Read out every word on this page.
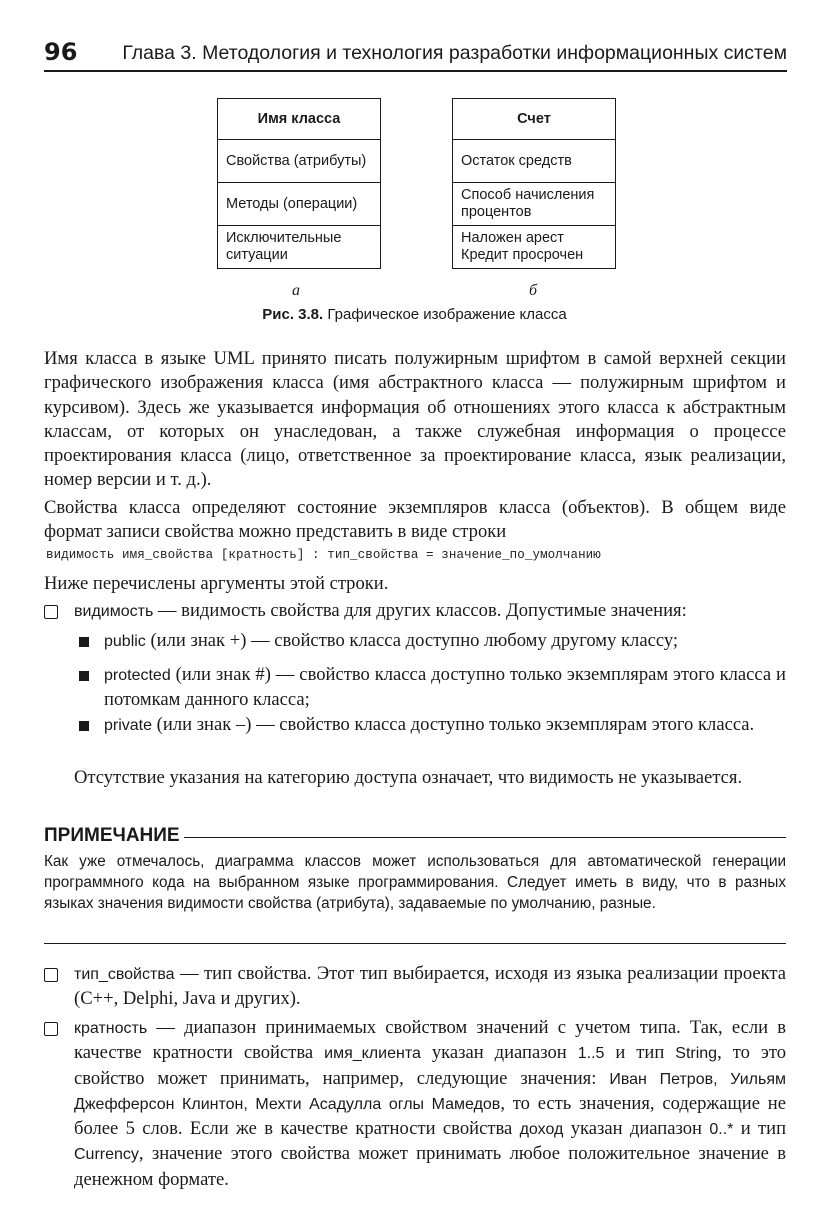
96 Глава 3. Методология и технология разработки информационных систем
Имя класса
Свойства (атрибуты)
Методы (операции)
Исключительные ситуации
Счет
Остаток средств
Способ начисления процентов
Наложен арест Кредит просрочен
а	б
Рис. 3.8. Графическое изображение класса
Имя класса в языке UML принято писать полужирным шрифтом в самой верхней секции графического изображения класса (имя абстрактного класса — полужирным шрифтом и курсивом). Здесь же указывается информация об отношениях этого класса к абстрактным классам, от которых он унаследован, а также служебная информация о процессе проектирования класса (лицо, ответственное за проектирование класса, язык реализации, номер версии и т. д.).
Свойства класса определяют состояние экземпляров класса (объектов). В общем виде формат записи свойства можно представить в виде строки
видимость имя_свойства [кратность] : тип_свойства = значение_по_умолчанию
Ниже перечислены аргументы этой строки.
видимость — видимость свойства для других классов. Допустимые значения:
public (или знак +) — свойство класса доступно любому другому классу;
protected (или знак #) — свойство класса доступно только экземплярам этого класса и потомкам данного класса;
private (или знак –) — свойство класса доступно только экземплярам этого класса.
Отсутствие указания на категорию доступа означает, что видимость не указывается.
ПРИМЕЧАНИЕ
Как уже отмечалось, диаграмма классов может использоваться для автоматической генерации программного кода на выбранном языке программирования. Следует иметь в виду, что в разных языках значения видимости свойства (атрибута), задаваемые по умолчанию, разные.
тип_свойства — тип свойства. Этот тип выбирается, исходя из языка реализации проекта (C++, Delphi, Java и других).
кратность — диапазон принимаемых свойством значений с учетом типа. Так, если в качестве кратности свойства имя_клиента указан диапазон 1..5 и тип String, то это свойство может принимать, например, следующие значения: Иван Петров, Уильям Джефферсон Клинтон, Мехти Асадулла оглы Мамедов, то есть значения, содержащие не более 5 слов. Если же в качестве кратности свойства доход указан диапазон 0..* и тип Currency, значение этого свойства может принимать любое положительное значение в денежном формате.
